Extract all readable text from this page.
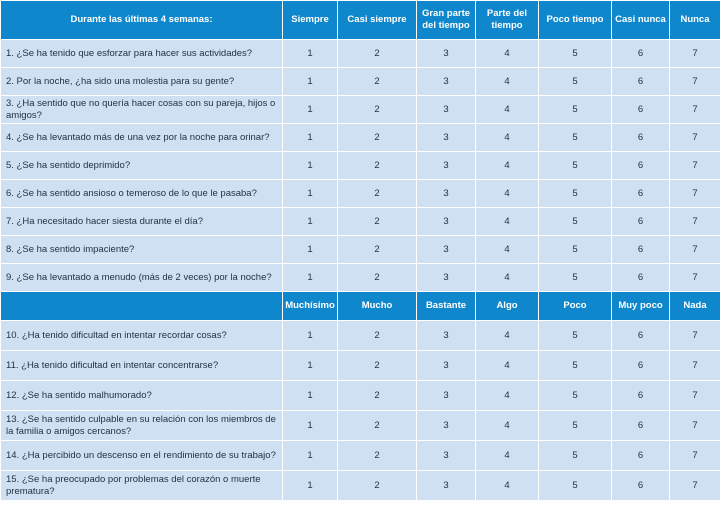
Durante las últimas 4 semanas:	Siempre	Casi siempre	Gran parte del tiempo	Parte del tiempo	Poco tiempo	Casi nunca	Nunca
1. ¿Se ha tenido que esforzar para hacer sus actividades?	1	2	3	4	5	6	7
2. Por la noche, ¿ha sido una molestia para su gente?	1	2	3	4	5	6	7
3. ¿Ha sentido que no quería hacer cosas con su pareja, hijos o amigos?	1	2	3	4	5	6	7
4. ¿Se ha levantado más de una vez por la noche para orinar?	1	2	3	4	5	6	7
5. ¿Se ha sentido deprimido?	1	2	3	4	5	6	7
6. ¿Se ha sentido ansioso o temeroso de lo que le pasaba?	1	2	3	4	5	6	7
7. ¿Ha necesitado hacer siesta durante el día?	1	2	3	4	5	6	7
8. ¿Se ha sentido impaciente?	1	2	3	4	5	6	7
9. ¿Se ha levantado a menudo (más de 2 veces) por la noche?	1	2	3	4	5	6	7
	Muchísimo	Mucho	Bastante	Algo	Poco	Muy poco	Nada
10. ¿Ha tenido dificultad en intentar recordar cosas?	1	2	3	4	5	6	7
11. ¿Ha tenido dificultad en intentar concentrarse?	1	2	3	4	5	6	7
12. ¿Se ha sentido malhumorado?	1	2	3	4	5	6	7
13. ¿Se ha sentido culpable en su relación con los miembros de la familia o amigos cercanos?	1	2	3	4	5	6	7
14. ¿Ha percibido un descenso en el rendimiento de su trabajo?	1	2	3	4	5	6	7
15. ¿Se ha preocupado por problemas del corazón o muerte prematura?	1	2	3	4	5	6	7
